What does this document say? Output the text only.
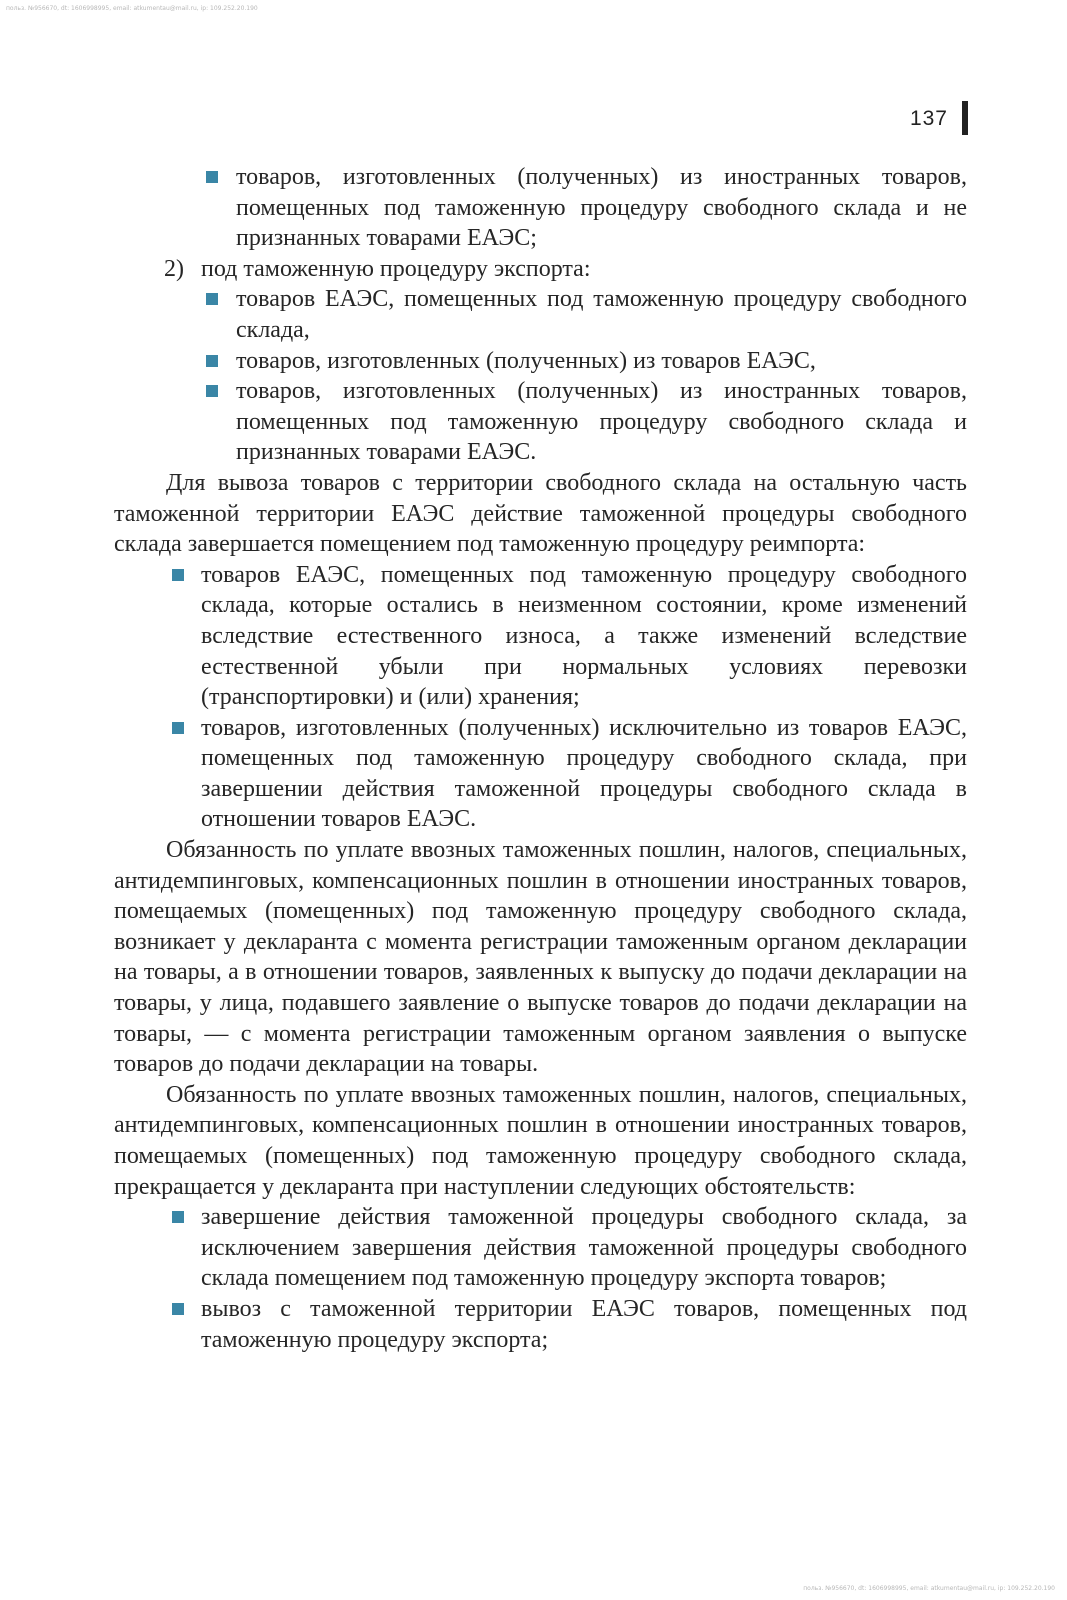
польз. №956670, dt: 1606998995, email: atkumentau@mail.ru, ip: 109.252.20.190
137
товаров, изготовленных (полученных) из иностранных товаров, помещенных под таможенную процедуру свободного склада и не признанных товарами ЕАЭС;
2) под таможенную процедуру экспорта:
товаров ЕАЭС, помещенных под таможенную процедуру свободного склада,
товаров, изготовленных (полученных) из товаров ЕАЭС,
товаров, изготовленных (полученных) из иностранных товаров, помещенных под таможенную процедуру свободного склада и признанных товарами ЕАЭС.

Для вывоза товаров с территории свободного склада на остальную часть таможенной территории ЕАЭС действие таможенной процедуры свободного склада завершается помещением под таможенную процедуру реимпорта:

товаров ЕАЭС, помещенных под таможенную процедуру свободного склада, которые остались в неизменном состоянии, кроме изменений вследствие естественного износа, а также изменений вследствие естественной убыли при нормальных условиях перевозки (транспортировки) и (или) хранения;
товаров, изготовленных (полученных) исключительно из товаров ЕАЭС, помещенных под таможенную процедуру свободного склада, при завершении действия таможенной процедуры свободного склада в отношении товаров ЕАЭС.

Обязанность по уплате ввозных таможенных пошлин, налогов, специальных, антидемпинговых, компенсационных пошлин в отношении иностранных товаров, помещаемых (помещенных) под таможенную процедуру свободного склада, возникает у декларанта с момента регистрации таможенным органом декларации на товары, а в отношении товаров, заявленных к выпуску до подачи декларации на товары, у лица, подавшего заявление о выпуске товаров до подачи декларации на товары, — с момента регистрации таможенным органом заявления о выпуске товаров до подачи декларации на товары.

Обязанность по уплате ввозных таможенных пошлин, налогов, специальных, антидемпинговых, компенсационных пошлин в отношении иностранных товаров, помещаемых (помещенных) под таможенную процедуру свободного склада, прекращается у декларанта при наступлении следующих обстоятельств:

завершение действия таможенной процедуры свободного склада, за исключением завершения действия таможенной процедуры свободного склада помещением под таможенную процедуру экспорта товаров;
вывоз с таможенной территории ЕАЭС товаров, помещенных под таможенную процедуру экспорта;
польз. №956670, dt: 1606998995, email: atkumentau@mail.ru, ip: 109.252.20.190
